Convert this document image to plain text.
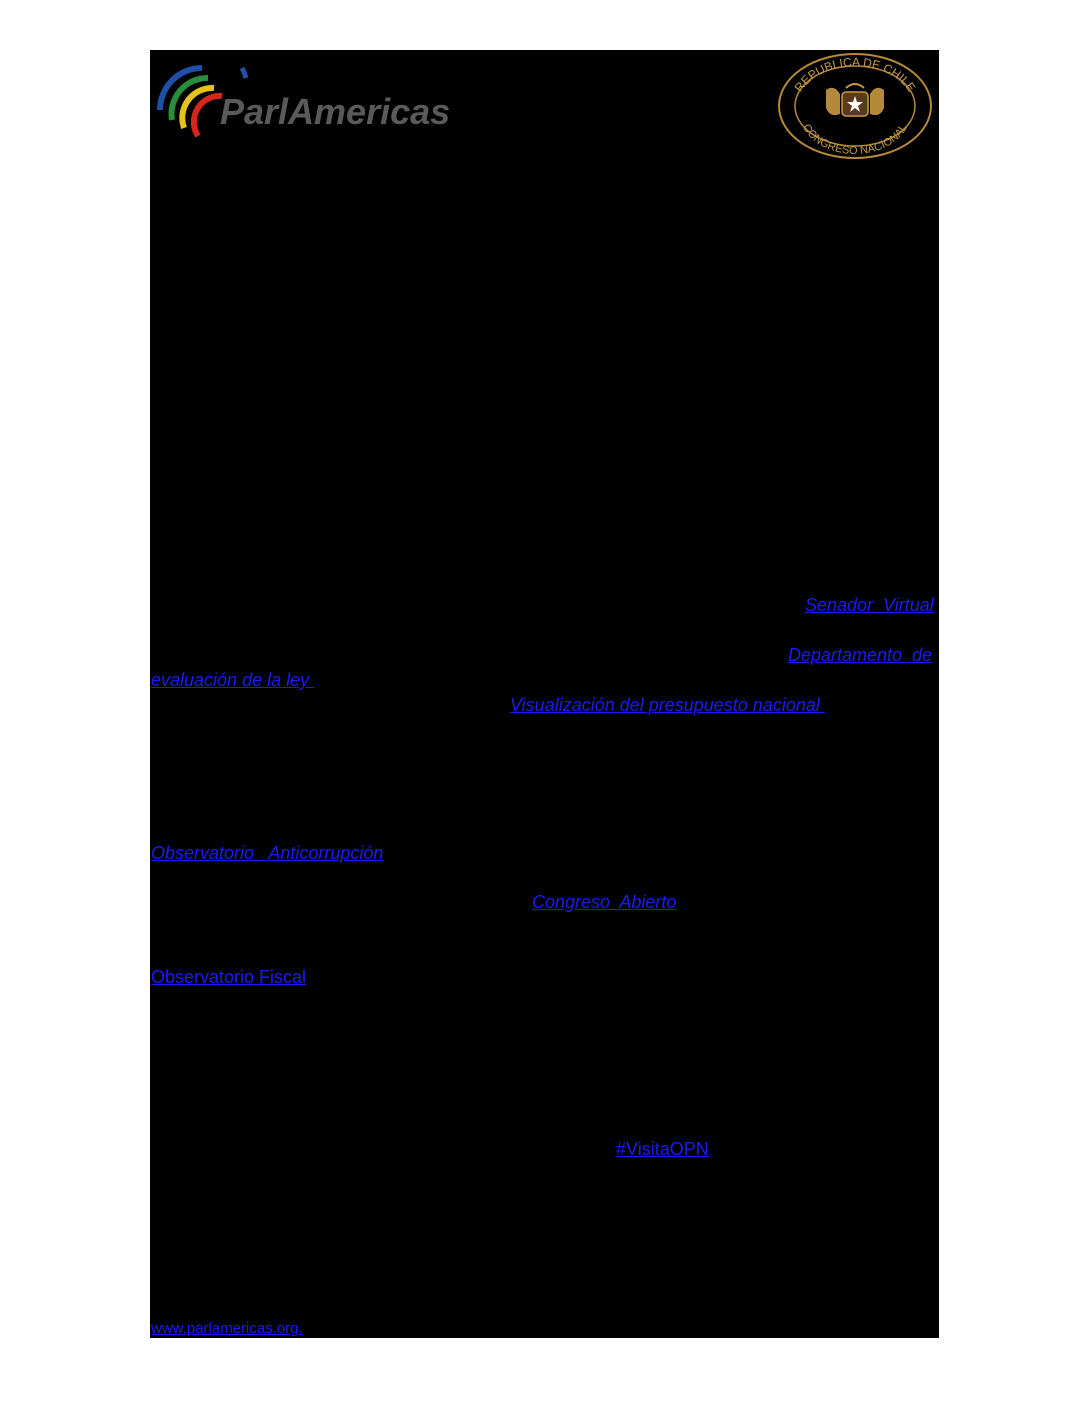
ParlAmericas
REPUBLICA DE CHILE
CONGRESO NACIONAL
Senador  Virtual
Departamento  de
evaluación de la ley
Visualización del presupuesto nacional
Observatorio   Anticorrupción
Congreso  Abierto
Observatorio Fiscal
#VisitaOPN
www.parlamericas.org.
